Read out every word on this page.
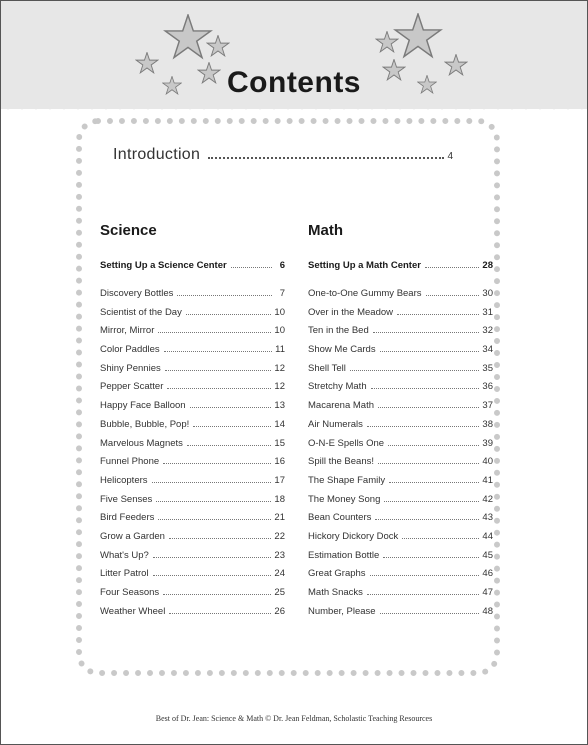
Contents
Introduction	4
Science
Setting Up a Science Center	6
Discovery Bottles	7
Scientist of the Day	10
Mirror, Mirror	10
Color Paddles	11
Shiny Pennies	12
Pepper Scatter	12
Happy Face Balloon	13
Bubble, Bubble, Pop!	14
Marvelous Magnets	15
Funnel Phone	16
Helicopters	17
Five Senses	18
Bird Feeders	21
Grow a Garden	22
What's Up?	23
Litter Patrol	24
Four Seasons	25
Weather Wheel	26
Math
Setting Up a Math Center	28
One-to-One Gummy Bears	30
Over in the Meadow	31
Ten in the Bed	32
Show Me Cards	34
Shell Tell	35
Stretchy Math	36
Macarena Math	37
Air Numerals	38
O-N-E Spells One	39
Spill the Beans!	40
The Shape Family	41
The Money Song	42
Bean Counters	43
Hickory Dickory Dock	44
Estimation Bottle	45
Great Graphs	46
Math Snacks	47
Number, Please	48
Best of Dr. Jean: Science & Math © Dr. Jean Feldman, Scholastic Teaching Resources
